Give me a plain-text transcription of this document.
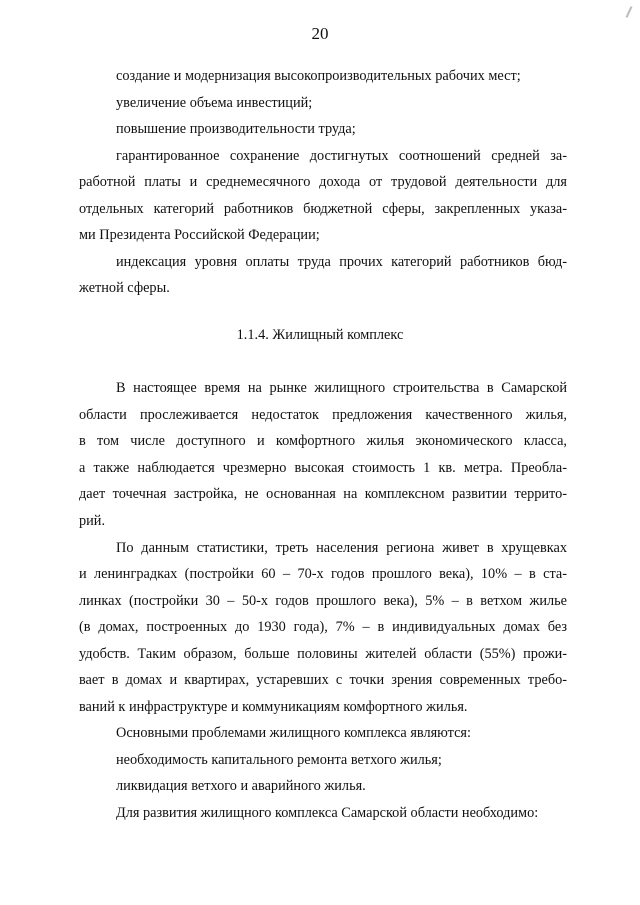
20
создание и модернизация высокопроизводительных рабочих мест;
увеличение объема инвестиций;
повышение производительности труда;
гарантированное сохранение достигнутых соотношений средней за-
работной платы и среднемесячного дохода от трудовой деятельности для
отдельных категорий работников бюджетной сферы, закрепленных указа-
ми Президента Российской Федерации;
индексация уровня оплаты труда прочих категорий работников бюд-
жетной сферы.
1.1.4. Жилищный комплекс
В настоящее время на рынке жилищного строительства в Самарской
области прослеживается недостаток предложения качественного жилья,
в том числе доступного и комфортного жилья экономического класса,
а также наблюдается чрезмерно высокая стоимость 1 кв. метра. Преобла-
дает точечная застройка, не основанная на комплексном развитии террито-
рий.
По данным статистики, треть населения региона живет в хрущевках
и ленинградках (постройки 60 – 70-х годов прошлого века), 10% – в ста-
линках (постройки 30 – 50-х годов прошлого века), 5% – в ветхом жилье
(в домах, построенных до 1930 года), 7% – в индивидуальных домах без
удобств. Таким образом, больше половины жителей области (55%) прожи-
вает в домах и квартирах, устаревших с точки зрения современных требо-
ваний к инфраструктуре и коммуникациям комфортного жилья.
Основными проблемами жилищного комплекса являются:
необходимость капитального ремонта ветхого жилья;
ликвидация ветхого и аварийного жилья.
Для развития жилищного комплекса Самарской области необходимо:
